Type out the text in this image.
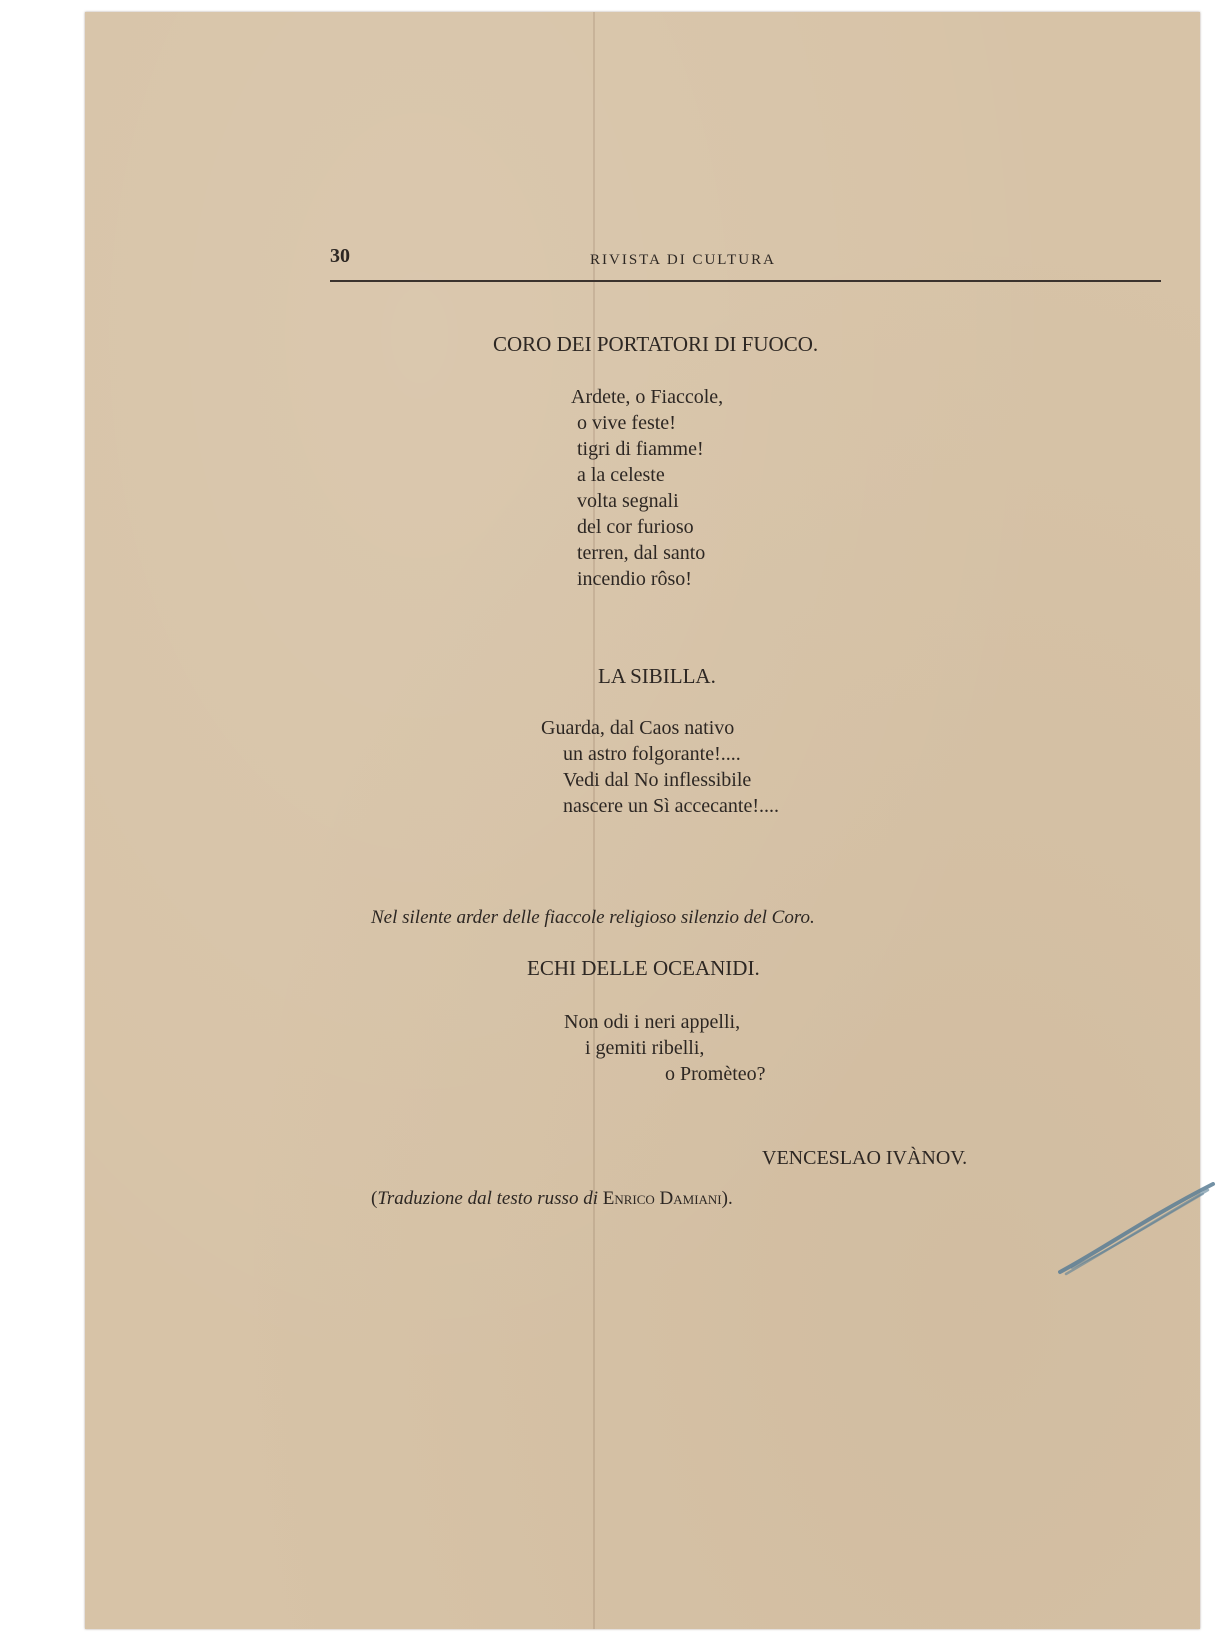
30	RIVISTA DI CULTURA
CORO DEI PORTATORI DI FUOCO.
Ardete, o Fiaccole,
o vive feste!
tigri di fiamme!
a la celeste
volta segnali
del cor furioso
terren, dal santo
incendio rôso!
LA SIBILLA.
Guarda, dal Caos nativo
un astro folgorante!....
Vedi dal No inflessibile
nascere un Sì accecante!....
Nel silente arder delle fiaccole religioso silenzio del Coro.
ECHI DELLE OCEANIDI.
Non odi i neri appelli,
i gemiti ribelli,
o Promèteo?
VENCESLAO IVÀNOV.
(Traduzione dal testo russo di Enrico Damiani).
